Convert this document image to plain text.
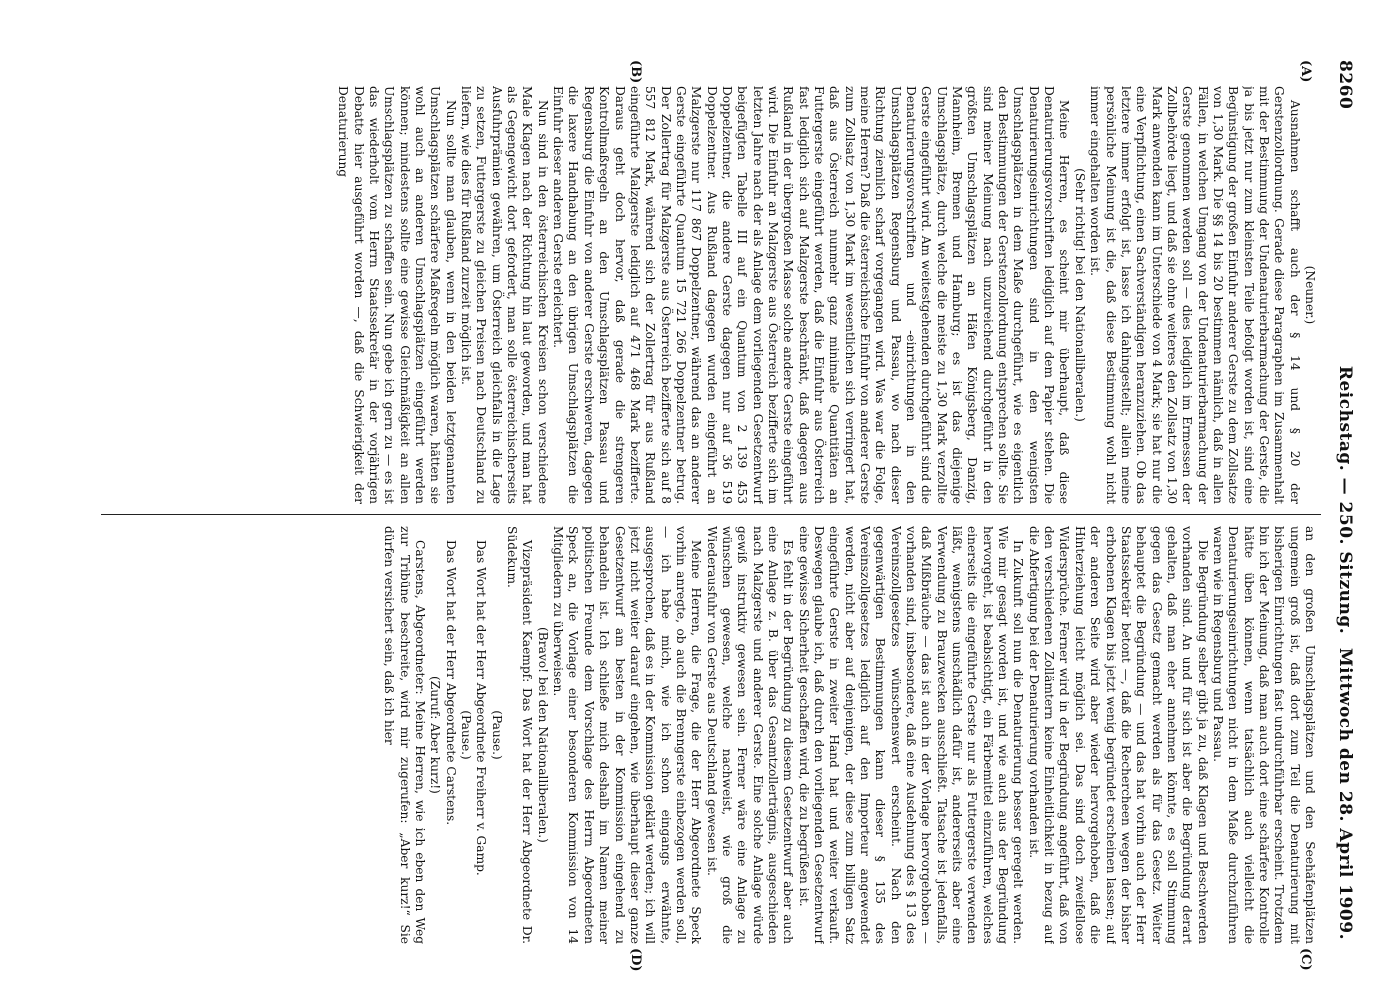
8260
Reichstag. — 250. Sitzung.
Mittwoch den 28. April 1909.
(A)
(B)
(C)
(D)

(Neuner.)

Ausnahmen schafft auch der § 14 und § 20 der Gerstenzollordnung. Gerade diese Paragraphen im Zusammenhalt mit der Bestimmung der Undenaturierbarmachung der Gerste, die ja bis jetzt nur zum kleinsten Teile befolgt worden ist, sind eine Begünstigung der großen Einfuhr anderer Gerste zu dem Zollsatze von 1,30 Mark. Die §§ 14 bis 20 bestimmen nämlich, daß in allen Fällen, in welchen Umgang von der Undenaturierbarmachung der Gerste genommen werden soll — dies lediglich im Ermessen der Zollbehörde liegt, und daß sie ohne weiteres den Zollsatz von 1,30 Mark anwenden kann im Unterschiede von 4 Mark; sie hat nur die eine Verpflichtung, einen Sachverständigen heranzuziehen. Ob das letztere immer erfolgt ist, lasse ich dahingestellt; allein meine persönliche Meinung ist die, daß diese Bestimmung wohl nicht immer eingehalten worden ist.

(Sehr richtig! bei den Nationalliberalen.)

Meine Herren, es scheint mir überhaupt, daß diese Denaturierungsvorschriften lediglich auf dem Papier stehen. Die Denaturierungseinrichtungen sind in den wenigsten Umschlagsplätzen in dem Maße durchgeführt, wie es eigentlich den Bestimmungen der Gerstenzollordnung entsprechen sollte. Sie sind meiner Meinung nach unzureichend durchgeführt in den größten Umschlagsplätzen an Häfen Königsberg, Danzig, Mannheim, Bremen und Hamburg; es ist das diejenige Umschlagsplätze, durch welche die meiste zu 1,30 Mark verzollte Gerste eingeführt wird. Am weitestgehenden durchgeführt sind die Denaturierungsvorschriften und -einrichtungen in den Umschlagsplätzen Regensburg und Passau, wo nach dieser Richtung ziemlich scharf vorgegangen wird. Was war die Folge, meine Herren? Daß die österreichische Einfuhr von anderer Gerste zum Zollsatz von 1,30 Mark im wesentlichen sich verringert hat, daß aus Österreich nunmehr ganz minimale Quantitäten an Futtergerste eingeführt werden, daß die Einfuhr aus Österreich fast lediglich sich auf Malzgerste beschränkt, daß dagegen aus Rußland in der übergroßen Masse solche andere Gerste eingeführt wird. Die Einfuhr an Malzgerste aus Österreich bezifferte sich im letzten Jahre nach der als Anlage dem vorliegenden Gesetzentwurf beigefügten Tabelle III auf ein Quantum von 2 139 453 Doppelzentner, die andere Gerste dagegen nur auf 36 519 Doppelzentner. Aus Rußland dagegen wurden eingeführt an Malzgerste nur 117 867 Doppelzentner, während das an anderer Gerste eingeführte Quantum 15 721 266 Doppelzentner betrug. Der Zollertrag für Malzgerste aus Österreich bezifferte sich auf 8 557 812 Mark, während sich der Zollertrag für aus Rußland eingeführte Malzgerste lediglich auf 471 468 Mark bezifferte. Daraus geht doch hervor, daß gerade die strengeren Kontrollmaßregeln an den Umschlagsplätzen Passau und Regensburg die Einfuhr von anderer Gerste erschweren, dagegen die laxere Handhabung an den übrigen Umschlagsplätzen die Einfuhr dieser anderen Gerste erleichtert.

Nun sind in den österreichischen Kreisen schon verschiedene Male Klagen nach der Richtung hin laut geworden, und man hat als Gegengewicht dort gefordert, man solle österreichischerseits Ausfuhrprämien gewähren, um Österreich gleichfalls in die Lage zu setzen, Futtergerste zu gleichen Preisen nach Deutschland zu liefern, wie dies für Rußland zurzeit möglich ist.

Nun sollte man glauben, wenn in den beiden letztgenannten Umschlagsplätzen schärfere Maßregeln möglich waren, hätten sie wohl auch an anderen Umschlagsplätzen eingeführt werden können; mindestens sollte eine gewisse Gleichmäßigkeit an allen Umschlagsplätzen zu schaffen sein. Nun gebe ich gern zu — es ist das wiederholt vom Herrn Staatssekretär in der vorjährigen Debatte hier ausgeführt worden —, daß die Schwierigkeit der Denaturierung

an den großen Umschlagsplätzen und den Seehäfenplätzen ungemein groß ist, daß dort zum Teil die Denaturierung mit bisherigen Einrichtungen fast undurchführbar erscheint. Trotzdem bin ich der Meinung, daß man auch dort eine schärfere Kontrolle hätte üben können, wenn tatsächlich auch vielleicht die Denaturierungseinrichtungen nicht in dem Maße durchzuführen waren wie in Regensburg und Passau.

Die Begründung selber gibt ja zu, daß Klagen und Beschwerden vorhanden sind. An und für sich ist aber die Begründung derart gehalten, daß man eher annehmen könnte, es soll Stimmung gegen das Gesetz gemacht werden als für das Gesetz. Weiter behauptet die Begründung — und das hat vorhin auch der Herr Staatssekretär betont —, daß die Rechercheen wegen der bisher erhobenen Klagen bis jetzt wenig begründet erscheinen lassen; auf der anderen Seite wird aber wieder hervorgehoben, daß die Hinterziehung leicht möglich sei. Das sind doch zweifellose Widersprüche. Ferner wird in der Begründung angeführt, daß von den verschiedenen Zollämtern keine Einheitlichkeit in bezug auf die Abfertigung bei der Denaturierung vorhanden ist.

In Zukunft soll nun die Denaturierung besser geregelt werden. Wie mir gesagt worden ist, und wie auch aus der Begründung hervorgeht, ist beabsichtigt, ein Färbemittel einzuführen, welches einerseits die eingeführte Gerste nur als Futtergerste verwenden läßt, wenigstens unschädlich dafür ist, andererseits aber eine Verwendung zu Brauzwecken ausschließt. Tatsache ist jedenfalls, daß Mißbräuche — das ist auch in der Vorlage hervorgehoben — vorhanden sind, insbesondere, daß eine Ausdehnung des § 13 des Vereinszollgesetzes wünschenswert erscheint. Nach den gegenwärtigen Bestimmungen kann dieser § 135 des Vereinszollgesetzes lediglich auf den Importeur angewendet werden, nicht aber auf denjenigen, der diese zum billigen Satz eingeführte Gerste in zweiter Hand hat und weiter verkauft. Deswegen glaube ich, daß durch den vorliegenden Gesetzentwurf eine gewisse Sicherheit geschaffen wird, die zu begrüßen ist.

Es fehlt in der Begründung zu diesem Gesetzentwurf aber auch eine Anlage z. B. über das Gesamtzollerträgnis, ausgeschieden nach Malzgerste und anderer Gerste. Eine solche Anlage würde gewiß instruktiv gewesen sein. Ferner wäre eine Anlage zu wünschen gewesen, welche nachweist, wie groß die Wiederausfuhr von Gerste aus Deutschland gewesen ist.

Meine Herren, die Frage, die der Herr Abgeordnete Speck vorhin anregte, ob auch die Brenngerste einbezogen werden soll, — ich habe mich, wie ich schon eingangs erwähnte, ausgesprochen, daß es in der Kommission geklärt werden; ich will jetzt nicht weiter darauf eingehen, wie überhaupt dieser ganze Gesetzentwurf am besten in der Kommission eingehend zu behandeln ist. Ich schließe mich deshalb im Namen meiner politischen Freunde dem Vorschlage des Herrn Abgeordneten Speck an, die Vorlage einer besonderen Kommission von 14 Mitgliedern zu überweisen.

(Bravo! bei den Nationalliberalen.)

Vizepräsident Kaempf: Das Wort hat der Herr Abgeordnete Dr. Südekum.

(Pause.)

Das Wort hat der Herr Abgeordnete Freiherr v. Gamp.

(Pause.)

Das Wort hat der Herr Abgeordnete Carstens.

(Zuruf: Aber kurz!)

Carstens, Abgeordneter: Meine Herren, wie ich eben den Weg zur Tribüne beschreite, wird mir zugerufen: „Aber kurz!“ Sie dürfen versichert sein, daß ich hier
